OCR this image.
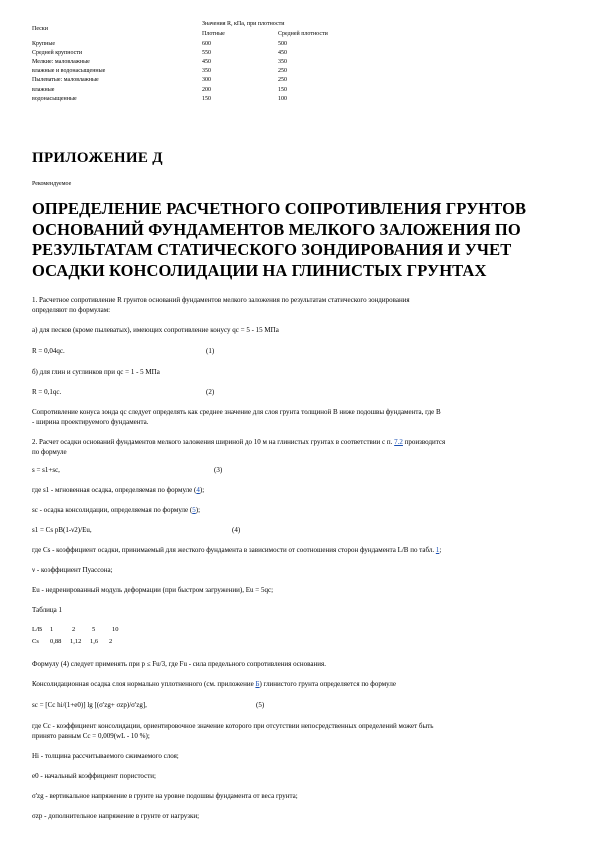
Значения R, кПа, при плотности
Пески
Плотные	Средней плотности
Крупные	600	500
Средней крупности	550	450
Мелкие: маловлажные	450	350
влажные и водонасыщенные	350	250
Пылеватые: маловлажные	300	250
влажные	200	150
водонасыщенные	150	100
ПРИЛОЖЕНИЕ Д
Рекомендуемое
ОПРЕДЕЛЕНИЕ РАСЧЕТНОГО СОПРОТИВЛЕНИЯ ГРУНТОВ ОСНОВАНИЙ ФУНДАМЕНТОВ МЕЛКОГО ЗАЛОЖЕНИЯ ПО РЕЗУЛЬТАТАМ СТАТИЧЕСКОГО ЗОНДИРОВАНИЯ И УЧЕТ ОСАДКИ КОНСОЛИДАЦИИ НА ГЛИНИСТЫХ ГРУНТАХ
1. Расчетное сопротивление R грунтов оснований фундаментов мелкого заложения по результатам статического зондирования
определяют по формулам:
а) для песков (кроме пылеватых), имеющих сопротивление конусу qc = 5 - 15 МПа
R = 0,04qc.	(1)
б) для глин и суглинков при qc = 1 - 5 МПа
R = 0,1qc.	(2)
Сопротивление конуса зонда qc следует определять как среднее значение для слоя грунта толщиной B ниже подошвы фундамента, где B
- ширина проектируемого фундамента.
2. Расчет осадки оснований фундаментов мелкого заложения шириной до 10 м на глинистых грунтах в соответствии с п. 7.2 производится
по формуле
s = s1+sc,	(3)
где s1 - мгновенная осадка, определяемая по формуле (4);
sc - осадка консолидации, определяемая по формуле (5);
s1 = Cs pB(1-ν2)/Eu,	(4)
где Cs - коэффициент осадки, принимаемый для жесткого фундамента в зависимости от соотношения сторон фундамента L/B по табл. 1;
ν - коэффициент Пуассона;
Eu - недренированный модуль деформации (при быстром загружении), Eu = 5qc;
Таблица 1
L/B 1	2	5	10
Cs 0,88 1,12 1,6 2
Формулу (4) следует применять при p ≤ Fu/3, где Fu - сила предельного сопротивления основания.
Консолидационная осадка слоя нормально уплотненного (см. приложение Б) глинистого грунта определяется по формуле
sc = [Cc hi/(1+e0)] lg [(σ'zg+ σzp)/σ'zg],	(5)
где Cc - коэффициент консолидации, ориентировочное значение которого при отсутствии непосредственных определений может быть
принято равным Cc = 0,009(wL - 10 %);
Hi - толщина рассчитываемого сжимаемого слоя;
e0 - начальный коэффициент пористости;
σ'zg - вертикальное напряжение в грунте на уровне подошвы фундамента от веса грунта;
σzp - дополнительное напряжение в грунте от нагрузки;
